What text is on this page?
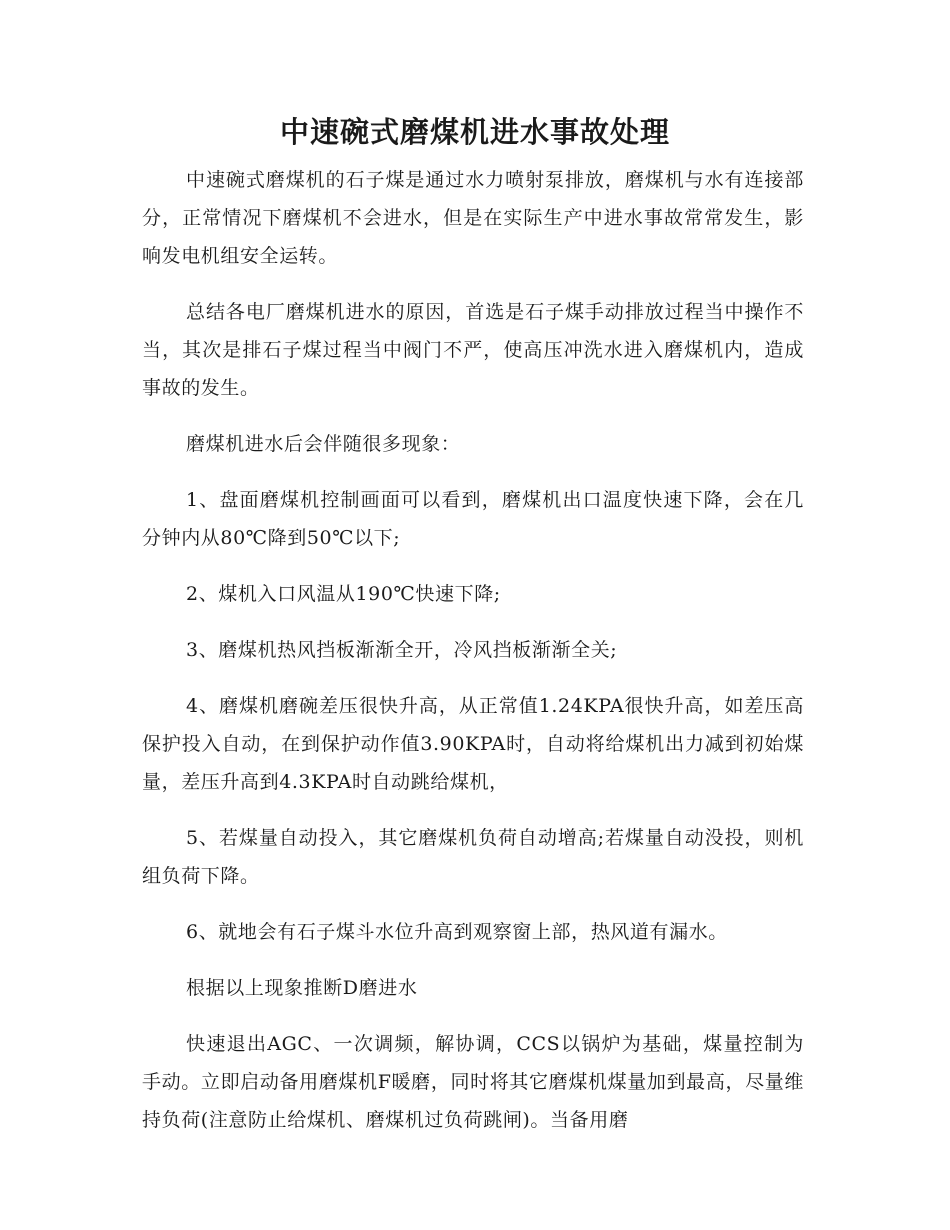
中速碗式磨煤机进水事故处理

中速碗式磨煤机的石子煤是通过水力喷射泵排放，磨煤机与水有连接部分，正常情况下磨煤机不会进水，但是在实际生产中进水事故常常发生，影响发电机组安全运转。

总结各电厂磨煤机进水的原因，首选是石子煤手动排放过程当中操作不当，其次是排石子煤过程当中阀门不严，使高压冲洗水进入磨煤机内，造成事故的发生。

磨煤机进水后会伴随很多现象：

1、盘面磨煤机控制画面可以看到，磨煤机出口温度快速下降，会在几分钟内从80℃降到50℃以下;

2、煤机入口风温从190℃快速下降;

3、磨煤机热风挡板渐渐全开，冷风挡板渐渐全关;

4、磨煤机磨碗差压很快升高，从正常值1.24KPA很快升高，如差压高保护投入自动，在到保护动作值3.90KPA时，自动将给煤机出力减到初始煤量，差压升高到4.3KPA时自动跳给煤机，

5、若煤量自动投入，其它磨煤机负荷自动增高;若煤量自动没投，则机组负荷下降。

6、就地会有石子煤斗水位升高到观察窗上部，热风道有漏水。

根据以上现象推断D磨进水

快速退出AGC、一次调频，解协调，CCS以锅炉为基础，煤量控制为手动。立即启动备用磨煤机F暖磨，同时将其它磨煤机煤量加到最高，尽量维持负荷(注意防止给煤机、磨煤机过负荷跳闸)。当备用磨
